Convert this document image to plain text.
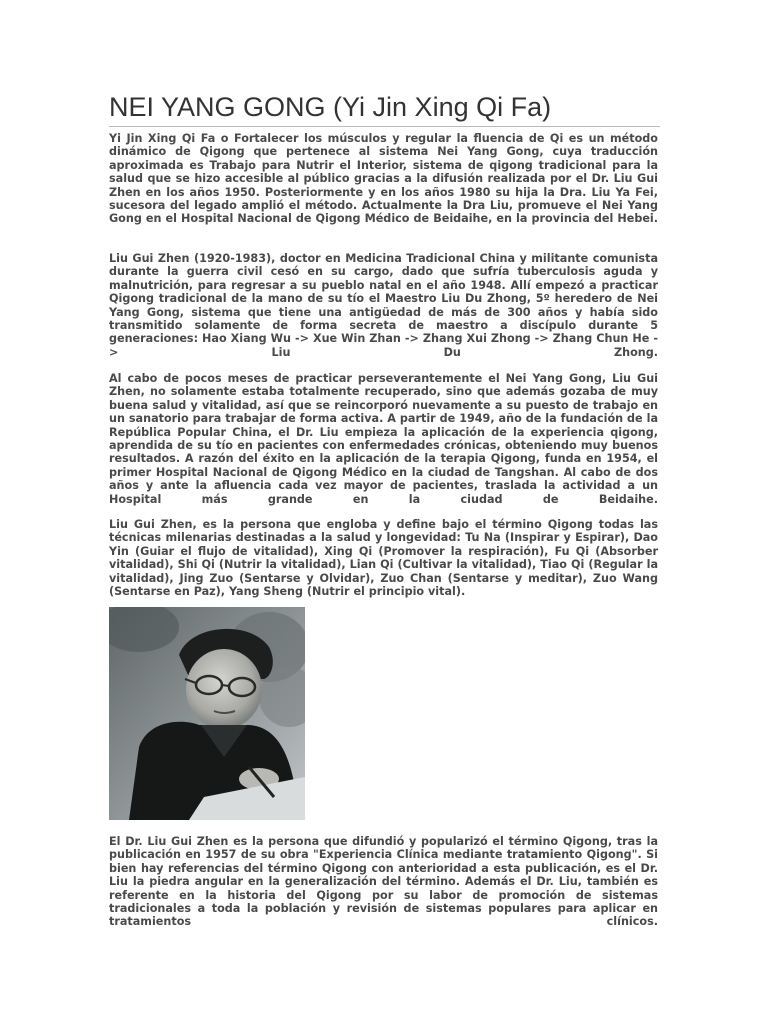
NEI YANG GONG (Yi Jin Xing Qi Fa)

Yi Jin Xing Qi Fa o Fortalecer los músculos y regular la fluencia de Qi es un método dinámico de Qigong que pertenece al sistema Nei Yang Gong, cuya traducción aproximada es Trabajo para Nutrir el Interior, sistema de qigong tradicional para la salud que se hizo accesible al público gracias a la difusión realizada por el Dr. Liu Gui Zhen en los años 1950. Posteriormente y en los años 1980 su hija la Dra. Liu Ya Fei, sucesora del legado amplió el método. Actualmente la Dra Liu, promueve el Nei Yang Gong en el Hospital Nacional de Qigong Médico de Beidaihe, en la provincia del Hebei.

Liu Gui Zhen (1920-1983), doctor en Medicina Tradicional China y militante comunista durante la guerra civil cesó en su cargo, dado que sufría tuberculosis aguda y malnutrición, para regresar a su pueblo natal en el año 1948. Allí empezó a practicar Qigong tradicional de la mano de su tío el Maestro Liu Du Zhong, 5º heredero de Nei Yang Gong, sistema que tiene una antigüedad de más de 300 años y había sido transmitido solamente de forma secreta de maestro a discípulo durante 5 generaciones: Hao Xiang Wu -> Xue Win Zhan -> Zhang Xui Zhong -> Zhang Chun He -> Liu Du Zhong.

Al cabo de pocos meses de practicar perseverantemente el Nei Yang Gong, Liu Gui Zhen, no solamente estaba totalmente recuperado, sino que además gozaba de muy buena salud y vitalidad, así que se reincorporó nuevamente a su puesto de trabajo en un sanatorio para trabajar de forma activa. A partir de 1949, año de la fundación de la República Popular China, el Dr. Liu empieza la aplicación de la experiencia qigong, aprendida de su tío en pacientes con enfermedades crónicas, obteniendo muy buenos resultados. A razón del éxito en la aplicación de la terapia Qigong, funda en 1954, el primer Hospital Nacional de Qigong Médico en la ciudad de Tangshan. Al cabo de dos años y ante la afluencia cada vez mayor de pacientes, traslada la actividad a un Hospital más grande en la ciudad de Beidaihe.

Liu Gui Zhen, es la persona que engloba y define bajo el término Qigong todas las técnicas milenarias destinadas a la salud y longevidad: Tu Na (Inspirar y Espirar), Dao Yin (Guiar el flujo de vitalidad), Xing Qi (Promover la respiración), Fu Qi (Absorber vitalidad), Shi Qi (Nutrir la vitalidad), Lian Qi (Cultivar la vitalidad), Tiao Qi (Regular la vitalidad), Jing Zuo (Sentarse y Olvidar), Zuo Chan (Sentarse y meditar), Zuo Wang (Sentarse en Paz), Yang Sheng (Nutrir el principio vital).

El Dr. Liu Gui Zhen es la persona que difundió y popularizó el término Qigong, tras la publicación en 1957 de su obra "Experiencia Clínica mediante tratamiento Qigong". Si bien hay referencias del término Qigong con anterioridad a esta publicación, es el Dr. Liu la piedra angular en la generalización del término. Además el Dr. Liu, también es referente en la historia del Qigong por su labor de promoción de sistemas tradicionales a toda la población y revisión de sistemas populares para aplicar en tratamientos clínicos.
